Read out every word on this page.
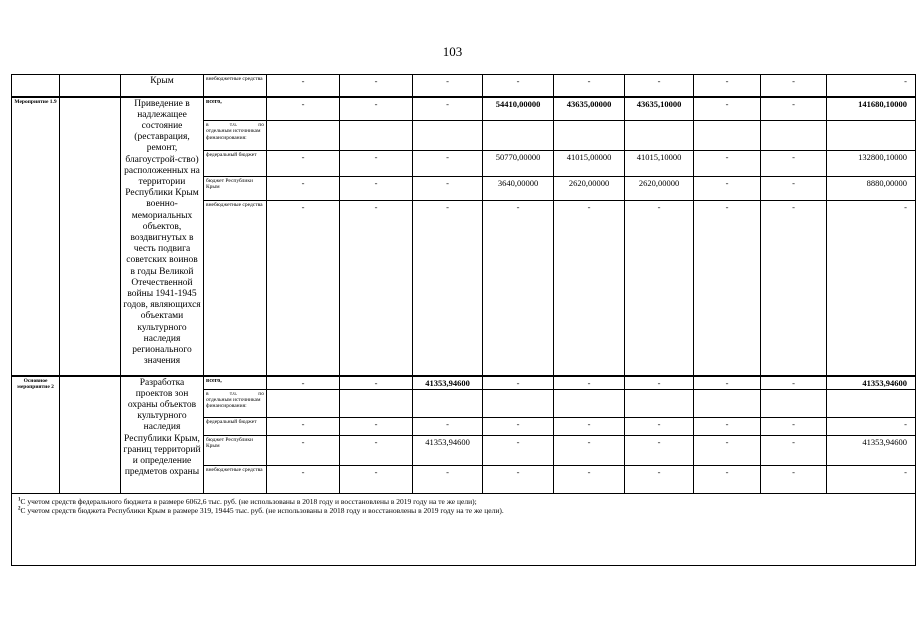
103
		Крым	внебюджетные средства	-	-	-	-	-	-	-	-	-
Мероприятие 1.9		Приведение в надлежащее состояние (реставрация, ремонт, благоустрой-ство) расположенных на территории Республики Крым военно-мемориальных объектов, воздвигнутых в честь подвига советских воинов в годы Великой Отечественной войны 1941-1945 годов, являющихся объектами культурного наследия регионального значения	всего,	-	-	-	54410,00000	43635,00000	43635,10000	-	-	141680,10000

			в т.ч. по
отдельным источникам финансирования:									

			федеральный бюджет	-	-	-	50770,00000	41015,00000	41015,10000	-	-	132800,10000
			бюджет Республики Крым	-	-	-	3640,00000	2620,00000	2620,00000	-	-	8880,00000
			внебюджетные средства	-	-	-	-	-	-	-	-	-
Основное мероприятие 2		Разработка проектов зон охраны объектов культурного наследия Республики Крым, границ территорий и определение предметов охраны	всего,	-	-	41353,94600	-	-	-	-	-	41353,94600

			в т.ч. по
отдельным источникам финансирования:									

			федеральный бюджет	-	-	-	-	-	-	-	-	-
			бюджет Республики Крым	-	-	41353,94600	-	-	-	-	-	41353,94600
			внебюджетные средства	-	-	-	-	-	-	-	-	-

$^1$С учетом средств федерального бюджета в размере 6062,6 тыс. руб. (не использованы в 2018 году и восстановлены в 2019 году на те же цели);
$^2$С учетом средств бюджета Республики Крым в размере 319, 19445 тыс. руб. (не использованы в 2018 году и восстановлены в 2019 году на те же цели).												
